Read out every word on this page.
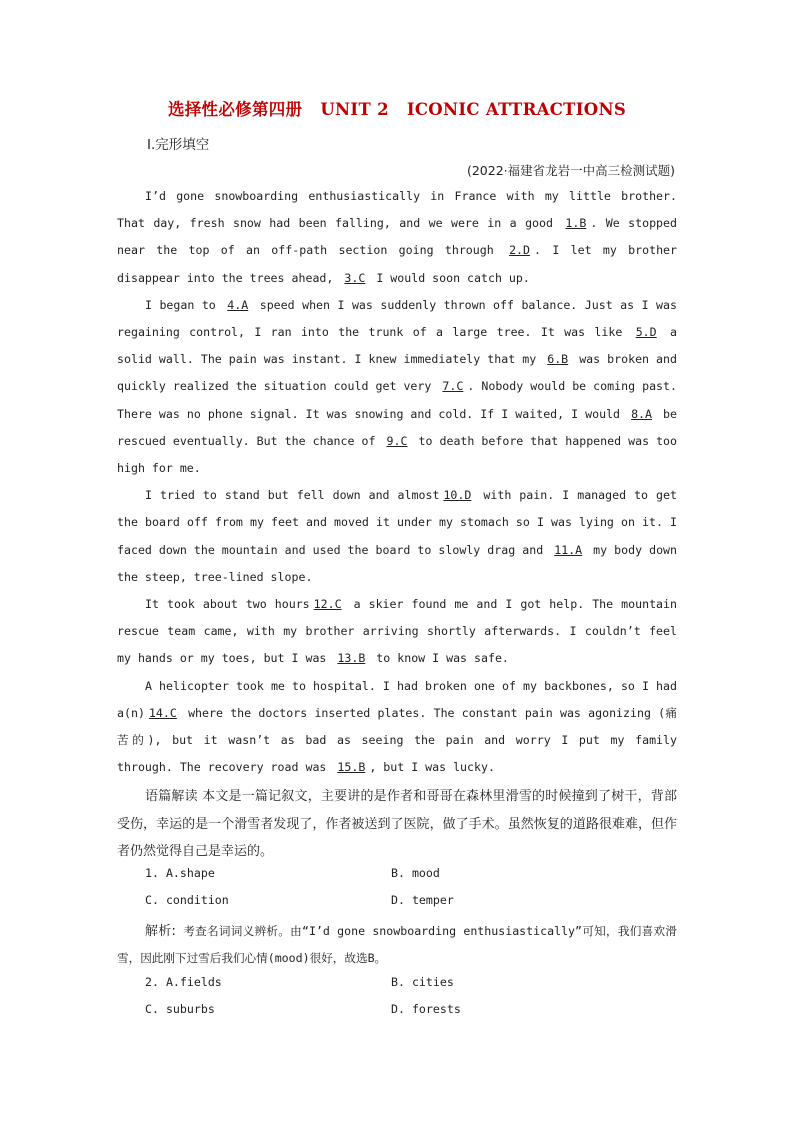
选择性必修第四册 UNIT 2 ICONIC ATTRACTIONS
Ⅰ.完形填空
(2022·福建省龙岩一中高三检测试题)

I’d gone snowboarding enthusiastically in France with my little brother. That day, fresh snow had been falling, and we were in a good 1.B . We stopped near the top of an off-path section going through 2.D . I let my brother disappear into the trees ahead, 3.C I would soon catch up.

I began to 4.A speed when I was suddenly thrown off balance. Just as I was regaining control, I ran into the trunk of a large tree. It was like 5.D a solid wall. The pain was instant. I knew immediately that my 6.B was broken and quickly realized the situation could get very 7.C . Nobody would be coming past. There was no phone signal. It was snowing and cold. If I waited, I would 8.A be rescued eventually. But the chance of 9.C to death before that happened was too high for me.

I tried to stand but fell down and almost 10.D with pain. I managed to get the board off from my feet and moved it under my stomach so I was lying on it. I faced down the mountain and used the board to slowly drag and 11.A my body down the steep, tree-lined slope.

It took about two hours 12.C a skier found me and I got help. The mountain rescue team came, with my brother arriving shortly afterwards. I couldn’t feel my hands or my toes, but I was 13.B to know I was safe.

A helicopter took me to hospital. I had broken one of my backbones, so I had a(n) 14.C where the doctors inserted plates. The constant pain was agonizing (痛苦的), but it wasn’t as bad as seeing the pain and worry I put my family through. The recovery road was 15.B , but I was lucky.

语篇解读 本文是一篇记叙文，主要讲的是作者和哥哥在森林里滑雪的时候撞到了树干，背部受伤，幸运的是一个滑雪者发现了，作者被送到了医院，做了手术。虽然恢复的道路很难难，但作者仍然觉得自己是幸运的。

1. A.shape	B. mood
C. condition	D. temper

解析: 考查名词词义辨析。由“I’d gone snowboarding enthusiastically”可知，我们喜欢滑雪，因此刚下过雪后我们心情(mood)很好，故选B。

2. A.fields	B. cities
C. suburbs	D. forests
